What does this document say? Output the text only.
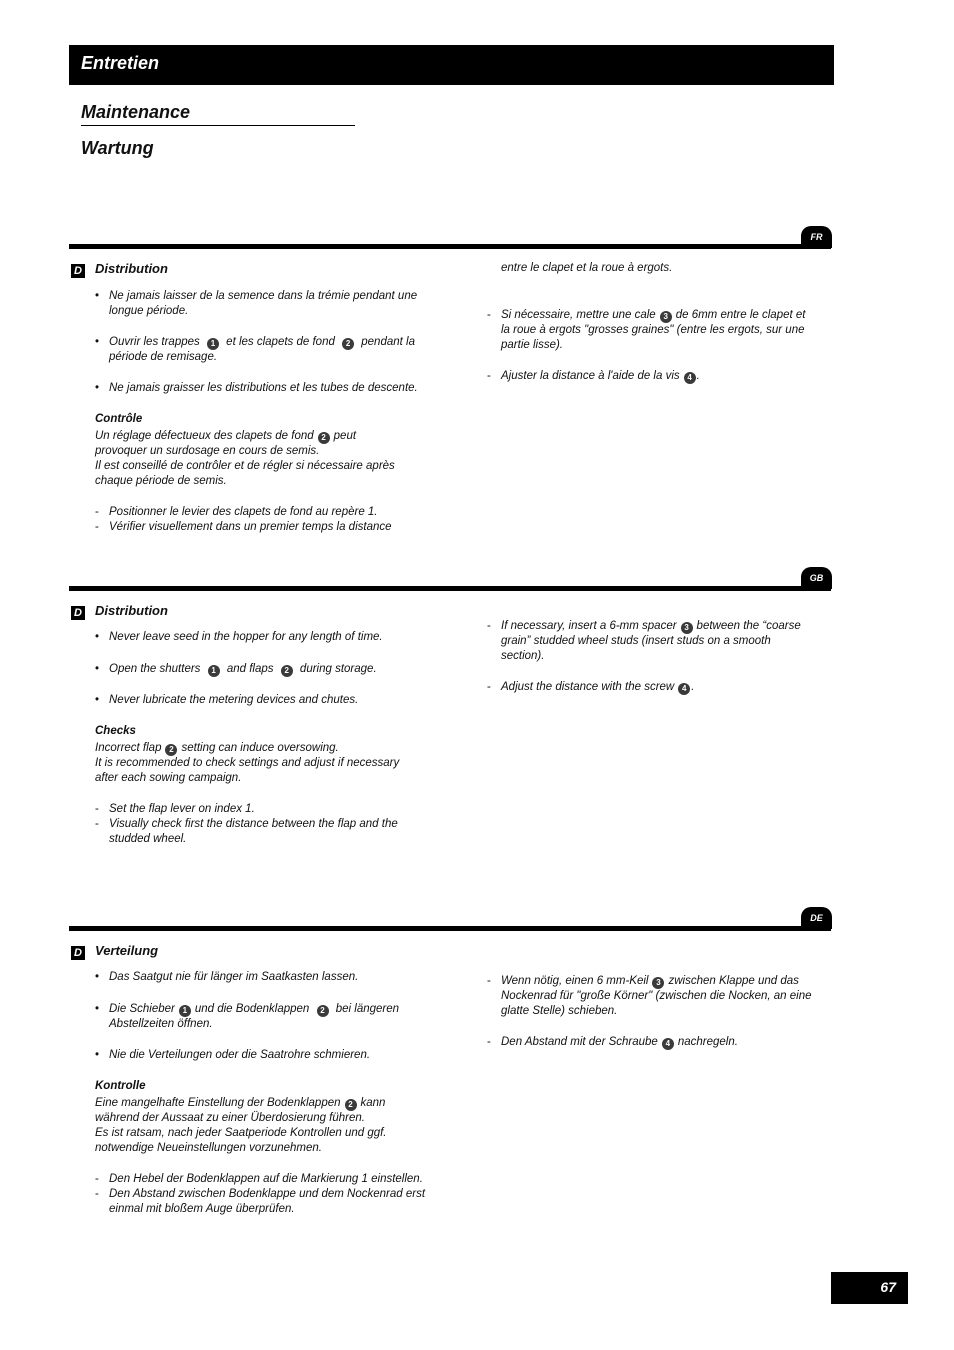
Entretien
Maintenance
Wartung
FR
D Distribution
• Ne jamais laisser de la semence dans la trémie pendant une longue période.
• Ouvrir les trappes 1 et les clapets de fond 2 pendant la période de remisage.
• Ne jamais graisser les distributions et les tubes de descente.

Contrôle

Un réglage défectueux des clapets de fond 2 peut
provoquer un surdosage en cours de semis.

Il est conseillé de contrôler et de régler si nécessaire après chaque période de semis.

- Positionner le levier des clapets de fond au repère 1.
- Vérifier visuellement dans un premier temps la distance

entre le clapet et la roue à ergots.

- Si nécessaire, mettre une cale 3 de 6mm entre le clapet et la roue à ergots "grosses graines" (entre les ergots, sur une partie lisse).
- Ajuster la distance à l'aide de la vis 4 .
GB
D Distribution
• Never leave seed in the hopper for any length of time.
• Open the shutters 1 and flaps 2 during storage.
• Never lubricate the metering devices and chutes.

Checks

Incorrect flap 2 setting can induce oversowing.

It is recommended to check settings and adjust if necessary after each sowing campaign.

- Set the flap lever on index 1.
- Visually check first the distance between the flap and the studded wheel.
- If necessary, insert a 6-mm spacer 3 between the “coarse grain” studded wheel studs (insert studs on a smooth section).
- Adjust the distance with the screw 4 .
DE
D Verteilung
• Das Saatgut nie für länger im Saatkasten lassen.
• Die Schieber 1 und die Bodenklappen 2 bei längeren Abstellzeiten öffnen.
• Nie die Verteilungen oder die Saatrohre schmieren.

Kontrolle

Eine mangelhafte Einstellung der Bodenklappen 2 kann während der Aussaat zu einer Überdosierung führen.

Es ist ratsam, nach jeder Saatperiode Kontrollen und ggf. notwendige Neueinstellungen vorzunehmen.

- Den Hebel der Bodenklappen auf die Markierung 1 einstellen.
- Den Abstand zwischen Bodenklappe und dem Nockenrad erst einmal mit bloßem Auge überprüfen.
- Wenn nötig, einen 6 mm-Keil 3 zwischen Klappe und das Nockenrad für "große Körner" (zwischen die Nocken, an eine glatte Stelle) schieben.
- Den Abstand mit der Schraube 4 nachregeln.
67
